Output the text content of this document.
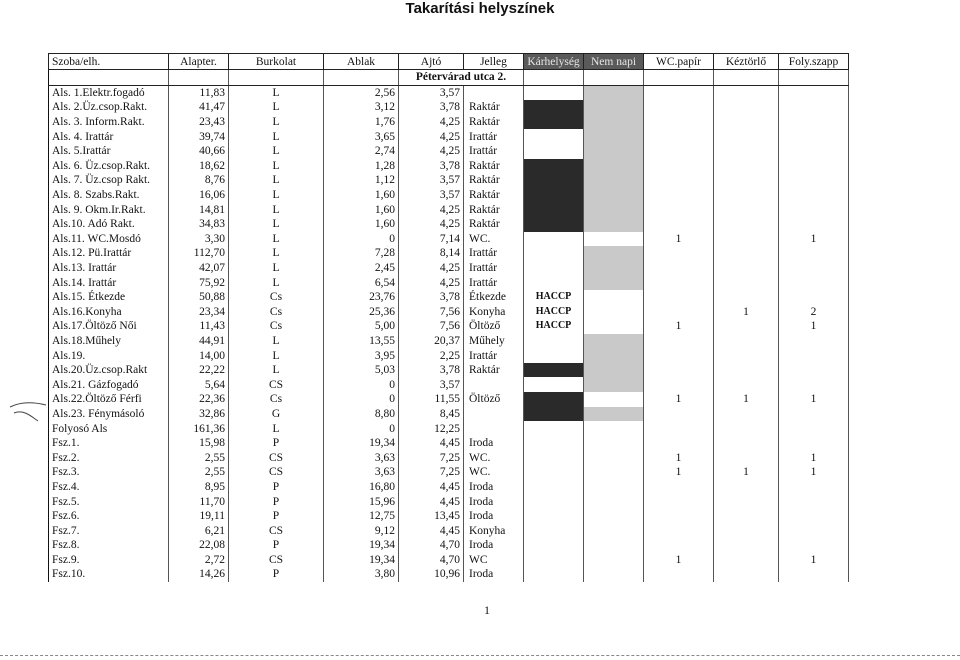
Takarítási helyszínek
Szoba/elh.	Alapter.	Burkolat	Ablak	Ajtó	Jelleg	Kárhelység	Nem napi	WC.papír	Kéztörlő	Foly.szapp
				Pétervárad utca 2.						
Als. 1.Elektr.fogadó	11,83	L	2,56	3,57						
Als. 2.Üz.csop.Rakt.	41,47	L	3,12	3,78	Raktár					
Als. 3. Inform.Rakt.	23,43	L	1,76	4,25	Raktár					
Als. 4. Irattár	39,74	L	3,65	4,25	Irattár					
Als. 5.Irattár	40,66	L	2,74	4,25	Irattár					
Als. 6. Üz.csop.Rakt.	18,62	L	1,28	3,78	Raktár					
Als. 7. Üz.csop Rakt.	8,76	L	1,12	3,57	Raktár					
Als. 8. Szabs.Rakt.	16,06	L	1,60	3,57	Raktár					
Als. 9. Okm.Ir.Rakt.	14,81	L	1,60	4,25	Raktár					
Als.10. Adó Rakt.	34,83	L	1,60	4,25	Raktár					
Als.11. WC.Mosdó	3,30	L	0	7,14	WC.			1		1
Als.12. Pü.Irattár	112,70	L	7,28	8,14	Irattár					
Als.13. Irattár	42,07	L	2,45	4,25	Irattár					
Als.14. Irattár	75,92	L	6,54	4,25	Irattár					
Als.15. Étkezde	50,88	Cs	23,76	3,78	Étkezde	HACCP				
Als.16.Konyha	23,34	Cs	25,36	7,56	Konyha	HACCP			1	2
Als.17.Öltöző Női	11,43	Cs	5,00	7,56	Öltöző	HACCP		1		1
Als.18.Műhely	44,91	L	13,55	20,37	Műhely					
Als.19.	14,00	L	3,95	2,25	Irattár					
Als.20.Üz.csop.Rakt	22,22	L	5,03	3,78	Raktár					
Als.21. Gázfogadó	5,64	CS	0	3,57						
Als.22.Öltöző Férfi	22,36	Cs	0	11,55	Öltöző			1	1	1
Als.23. Fénymásoló	32,86	G	8,80	8,45						
Folyosó Als	161,36	L	0	12,25						
Fsz.1.	15,98	P	19,34	4,45	Iroda					
Fsz.2.	2,55	CS	3,63	7,25	WC.			1		1
Fsz.3.	2,55	CS	3,63	7,25	WC.			1	1	1
Fsz.4.	8,95	P	16,80	4,45	Iroda					
Fsz.5.	11,70	P	15,96	4,45	Iroda					
Fsz.6.	19,11	P	12,75	13,45	Iroda					
Fsz.7.	6,21	CS	9,12	4,45	Konyha					
Fsz.8.	22,08	P	19,34	4,70	Iroda					
Fsz.9.	2,72	CS	19,34	4,70	WC			1		1
Fsz.10.	14,26	P	3,80	10,96	Iroda					
1
